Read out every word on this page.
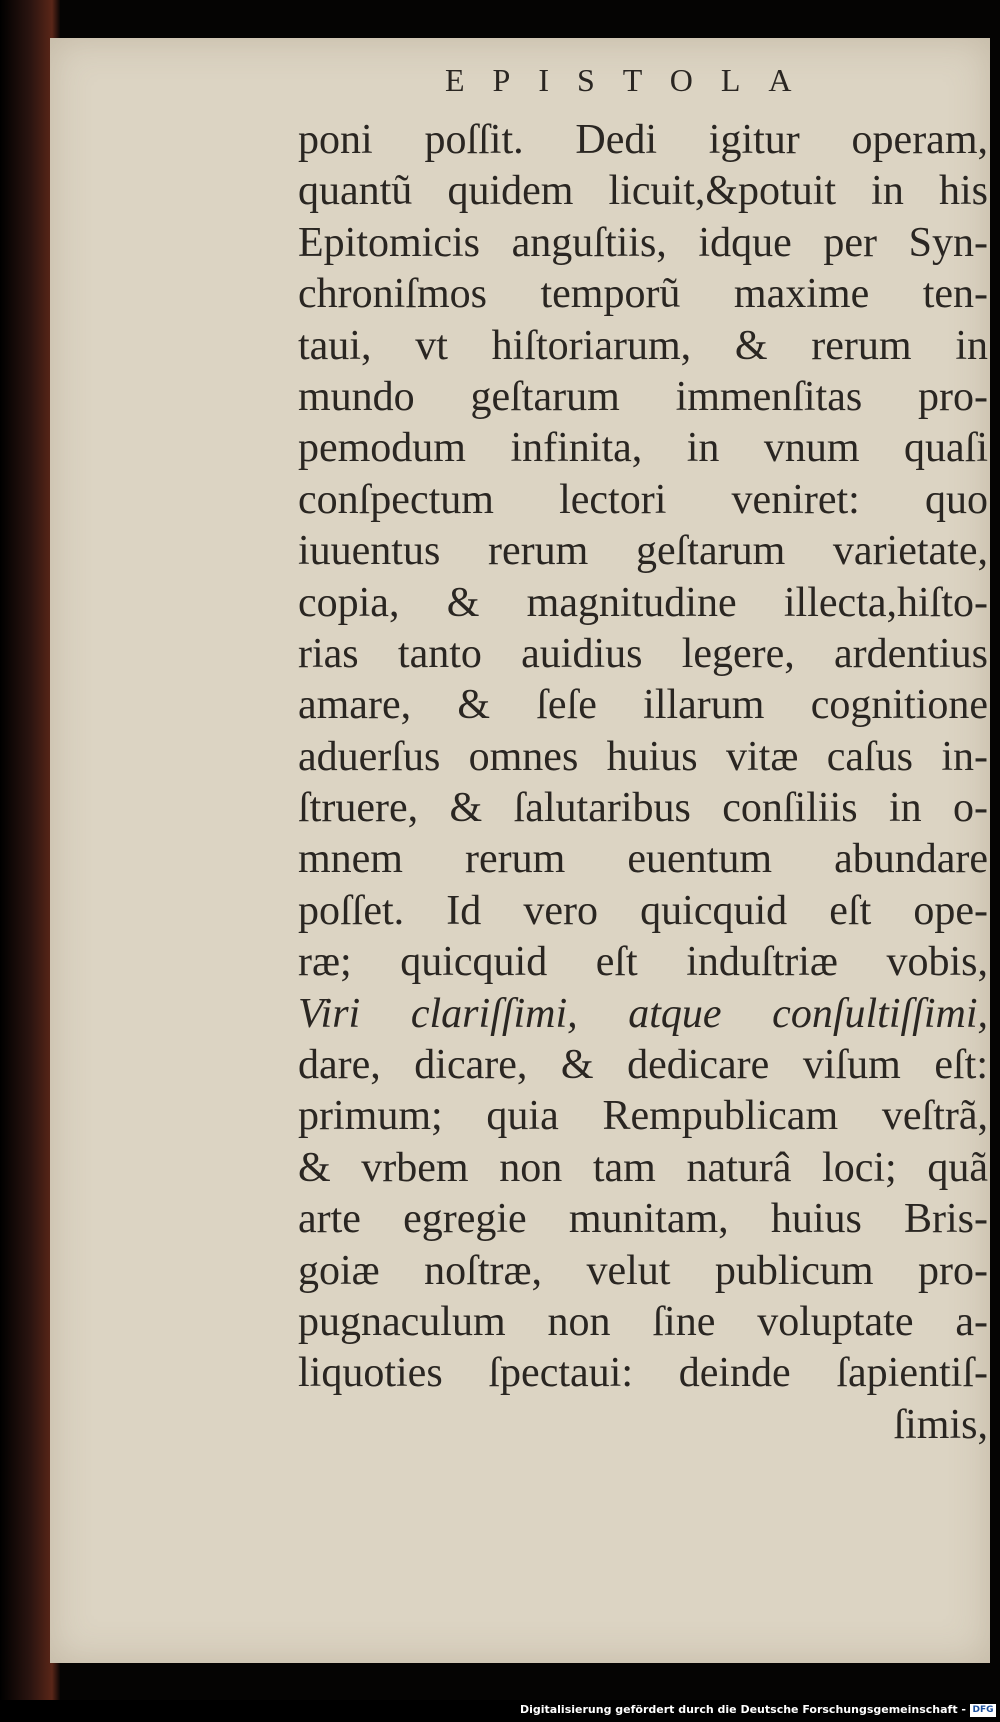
EPISTOLA
poni poſſit. Dedi igitur operam,
quantũ quidem licuit,&potuit in his
Epitomicis anguſtiis, idque per Syn-
chroniſmos temporũ maxime ten-
taui, vt hiſtoriarum, & rerum in
mundo geſtarum immenſitas pro-
pemodum infinita, in vnum quaſi
conſpectum lectori veniret: quo
iuuentus rerum geſtarum varietate,
copia, & magnitudine illecta,hiſto-
rias tanto auidius legere, ardentius
amare, & ſeſe illarum cognitione
aduerſus omnes huius vitæ caſus in-
ſtruere, & ſalutaribus conſiliis in o-
mnem rerum euentum abundare
poſſet. Id vero quicquid eſt ope-
ræ; quicquid eſt induſtriæ vobis,
Viri clariſſimi, atque conſultiſſimi,
dare, dicare, & dedicare viſum eſt:
primum; quia Rempublicam veſtrã,
& vrbem non tam naturâ loci; quã
arte egregie munitam, huius Bris-
goiæ noſtræ, velut publicum pro-
pugnaculum non ſine voluptate a-
liquoties ſpectaui: deinde ſapientiſ-
ſimis,
Digitalisierung gefördert durch die Deutsche Forschungsgemeinschaft - DFG
